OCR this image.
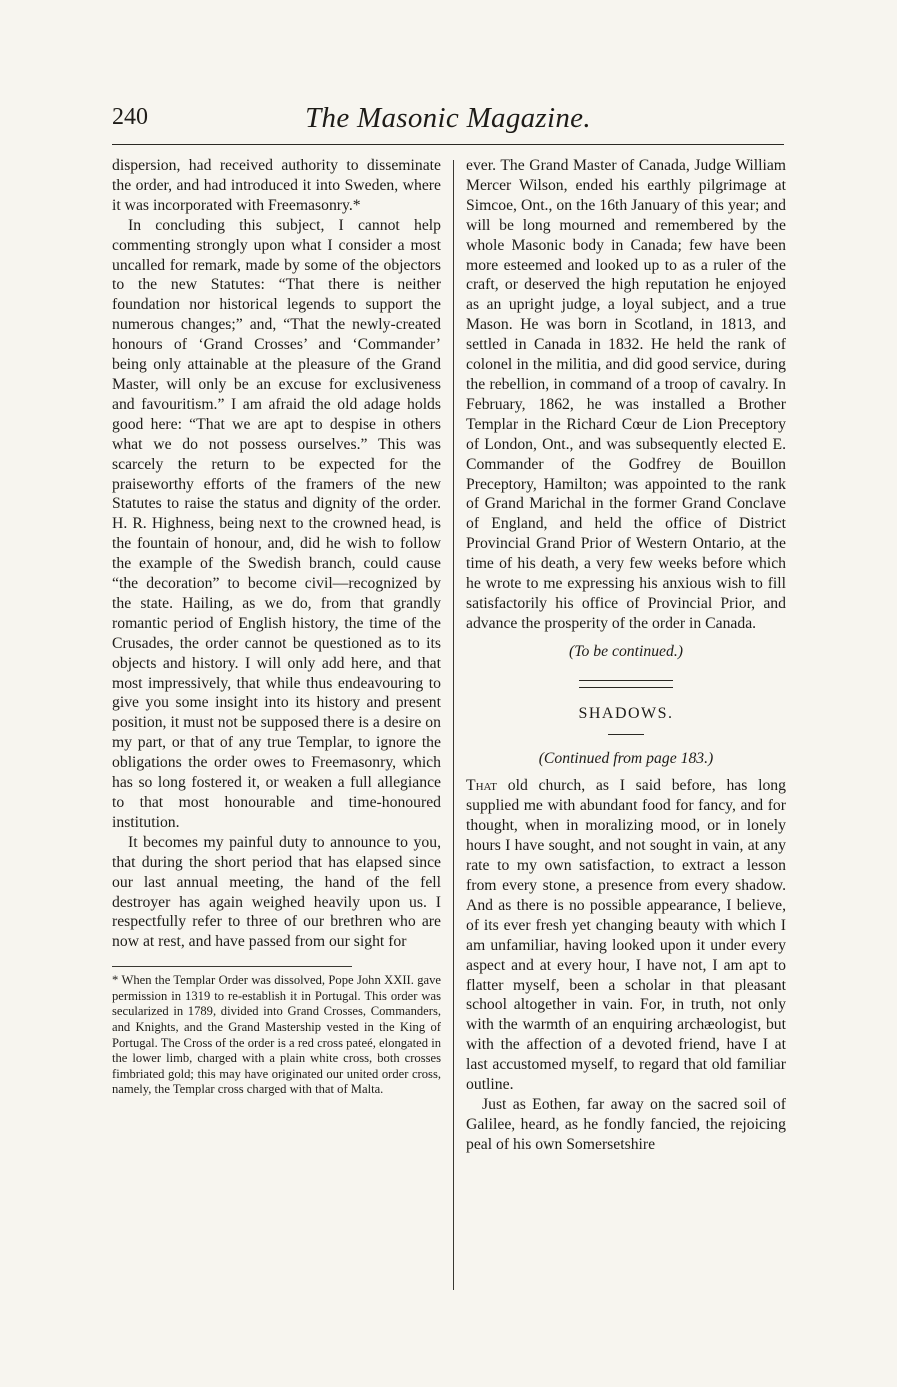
240	The Masonic Magazine.

dispersion, had received authority to disseminate the order, and had introduced it into Sweden, where it was incorporated with Freemasonry.*

In concluding this subject, I cannot help commenting strongly upon what I consider a most uncalled for remark, made by some of the objectors to the new Statutes: “That there is neither foundation nor historical legends to support the numerous changes;” and, “That the newly-created honours of ‘Grand Crosses’ and ‘Commander’ being only attainable at the pleasure of the Grand Master, will only be an excuse for exclusiveness and favouritism.” I am afraid the old adage holds good here: “That we are apt to despise in others what we do not possess ourselves.” This was scarcely the return to be expected for the praiseworthy efforts of the framers of the new Statutes to raise the status and dignity of the order. H. R. Highness, being next to the crowned head, is the fountain of honour, and, did he wish to follow the example of the Swedish branch, could cause “the decoration” to become civil—recognized by the state. Hailing, as we do, from that grandly romantic period of English history, the time of the Crusades, the order cannot be questioned as to its objects and history. I will only add here, and that most impressively, that while thus endeavouring to give you some insight into its history and present position, it must not be supposed there is a desire on my part, or that of any true Templar, to ignore the obligations the order owes to Freemasonry, which has so long fostered it, or weaken a full allegiance to that most honourable and time-honoured institution.

It becomes my painful duty to announce to you, that during the short period that has elapsed since our last annual meeting, the hand of the fell destroyer has again weighed heavily upon us. I respectfully refer to three of our brethren who are now at rest, and have passed from our sight for

* When the Templar Order was dissolved, Pope John XXII. gave permission in 1319 to re-establish it in Portugal. This order was secularized in 1789, divided into Grand Crosses, Commanders, and Knights, and the Grand Mastership vested in the King of Portugal. The Cross of the order is a red cross pateé, elongated in the lower limb, charged with a plain white cross, both crosses fimbriated gold; this may have originated our united order cross, namely, the Templar cross charged with that of Malta.

ever. The Grand Master of Canada, Judge William Mercer Wilson, ended his earthly pilgrimage at Simcoe, Ont., on the 16th January of this year; and will be long mourned and remembered by the whole Masonic body in Canada; few have been more esteemed and looked up to as a ruler of the craft, or deserved the high reputation he enjoyed as an upright judge, a loyal subject, and a true Mason. He was born in Scotland, in 1813, and settled in Canada in 1832. He held the rank of colonel in the militia, and did good service, during the rebellion, in command of a troop of cavalry. In February, 1862, he was installed a Brother Templar in the Richard Cœur de Lion Preceptory of London, Ont., and was subsequently elected E. Commander of the Godfrey de Bouillon Preceptory, Hamilton; was appointed to the rank of Grand Marichal in the former Grand Conclave of England, and held the office of District Provincial Grand Prior of Western Ontario, at the time of his death, a very few weeks before which he wrote to me expressing his anxious wish to fill satisfactorily his office of Provincial Prior, and advance the prosperity of the order in Canada.

(To be continued.)
SHADOWS.
(Continued from page 183.)

That old church, as I said before, has long supplied me with abundant food for fancy, and for thought, when in moralizing mood, or in lonely hours I have sought, and not sought in vain, at any rate to my own satisfaction, to extract a lesson from every stone, a presence from every shadow. And as there is no possible appearance, I believe, of its ever fresh yet changing beauty with which I am unfamiliar, having looked upon it under every aspect and at every hour, I have not, I am apt to flatter myself, been a scholar in that pleasant school altogether in vain. For, in truth, not only with the warmth of an enquiring archæologist, but with the affection of a devoted friend, have I at last accustomed myself, to regard that old familiar outline.

Just as Eothen, far away on the sacred soil of Galilee, heard, as he fondly fancied, the rejoicing peal of his own Somersetshire
